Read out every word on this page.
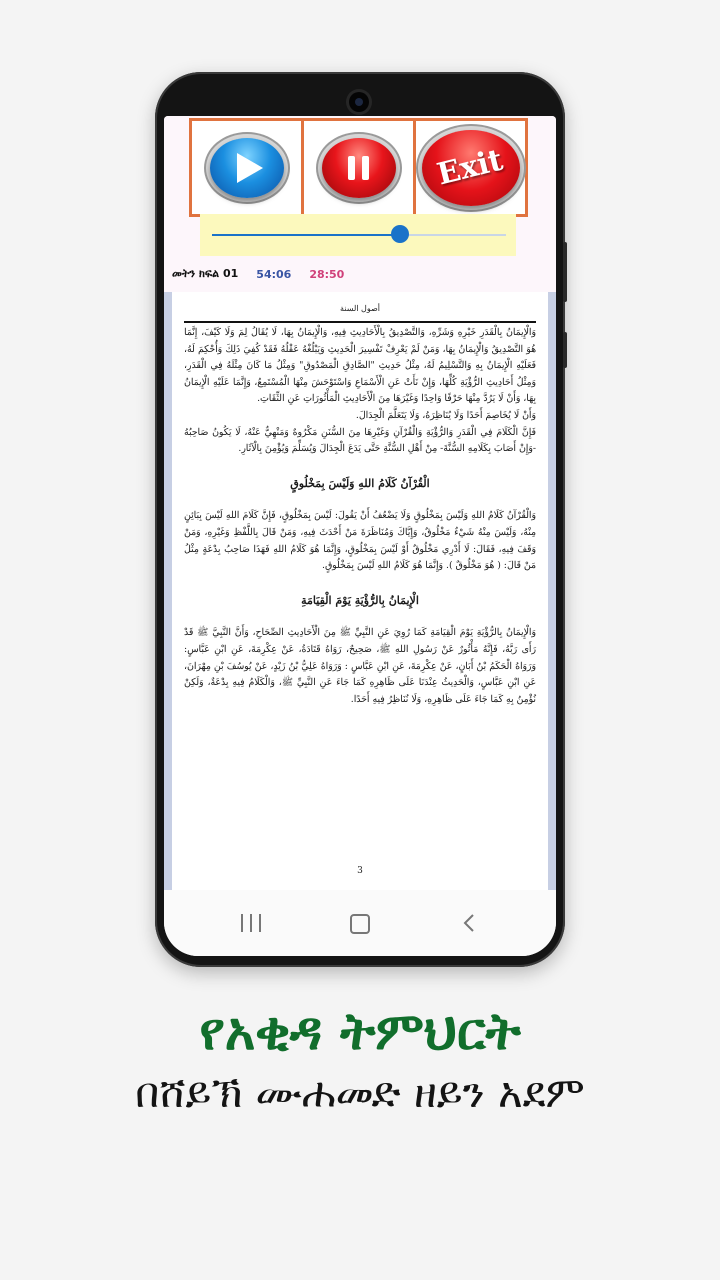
Exit
መትን ክፍል 01 54:06 28:50
أصول السنة

وَالْإِيمَانُ بِالْقَدَرِ خَيْرِهِ وَشَرِّهِ، وَالتَّصْدِيقُ بِالْأَحَادِيثِ فِيهِ، وَالْإِيمَانُ بِهَا، لَا يُقَالُ لِمَ وَلَا كَيْفَ، إِنَّمَا هُوَ التَّصْدِيقُ وَالْإِيمَانُ بِهَا، وَمَنْ لَمْ يَعْرِفْ تَفْسِيرَ الْحَدِيثِ وَيَبْلُغْهُ عَقْلُهُ فَقَدْ كُفِيَ ذَلِكَ وَأُحْكِمَ لَهُ، فَعَلَيْهِ الْإِيمَانُ بِهِ وَالتَّسْلِيمُ لَهُ، مِثْلُ حَدِيثِ "الصَّادِقِ الْمَصْدُوقِ" وَمِثْلُ مَا كَانَ مِثْلَهُ فِي الْقَدَرِ، وَمِثْلُ أَحَادِيثِ الرُّؤْيَةِ كُلِّهَا، وَإِنْ نَأَتْ عَنِ الْأَسْمَاعِ وَاسْتَوْحَشَ مِنْهَا الْمُسْتَمِعُ، وَإِنَّمَا عَلَيْهِ الْإِيمَانُ بِهَا، وَأَنْ لَا يَرُدَّ مِنْهَا حَرْفًا وَاحِدًا وَغَيْرَهَا مِنَ الْأَحَادِيثِ الْمَأْثُورَاتِ عَنِ الثِّقَاتِ.

وَأَنْ لَا يُخَاصِمَ أَحَدًا وَلَا يُنَاظِرَهُ، وَلَا يَتَعَلَّمَ الْجِدَالَ.

فَإِنَّ الْكَلَامَ فِي الْقَدَرِ وَالرُّؤْيَةِ وَالْقُرْآنِ وَغَيْرِهَا مِنَ السُّنَنِ مَكْرُوهٌ وَمَنْهِيٌّ عَنْهُ، لَا يَكُونُ صَاحِبُهُ -وَإِنْ أَصَابَ بِكَلَامِهِ السُّنَّةَ- مِنْ أَهْلِ السُّنَّةِ حَتَّى يَدَعَ الْجِدَالَ وَيُسَلِّمَ وَيُؤْمِنَ بِالْآثَارِ.

الْقُرْآنُ كَلَامُ اللهِ وَلَيْسَ بِمَخْلُوقٍ

وَالْقُرْآنُ كَلَامُ اللهِ وَلَيْسَ بِمَخْلُوقٍ وَلَا يَضْعُفُ أَنْ يَقُولَ: لَيْسَ بِمَخْلُوقٍ، فَإِنَّ كَلَامَ اللهِ لَيْسَ بِبَائِنٍ مِنْهُ، وَلَيْسَ مِنْهُ شَيْءٌ مَخْلُوقٌ، وَإِيَّاكَ وَمُنَاظَرَةَ مَنْ أَحْدَثَ فِيهِ، وَمَنْ قَالَ بِاللَّفْظِ وَغَيْرِهِ، وَمَنْ وَقَفَ فِيهِ، فَقَالَ: لَا أَدْرِي مَخْلُوقٌ أَوْ لَيْسَ بِمَخْلُوقٍ، وَإِنَّمَا هُوَ كَلَامُ اللهِ فَهَذَا صَاحِبُ بِدْعَةٍ مِثْلُ مَنْ قَالَ: ( هُوَ مَخْلُوقٌ ). وَإِنَّمَا هُوَ كَلَامُ اللهِ لَيْسَ بِمَخْلُوقٍ.

الْإِيمَانُ بِالرُّؤْيَةِ يَوْمَ الْقِيَامَةِ

وَالْإِيمَانُ بِالرُّؤْيَةِ يَوْمَ الْقِيَامَةِ كَمَا رُوِيَ عَنِ النَّبِيِّ ﷺ مِنَ الْأَحَادِيثِ الصِّحَاحِ، وَأَنَّ النَّبِيَّ ﷺ قَدْ رَأَى رَبَّهُ، فَإِنَّهُ مَأْثُورٌ عَنْ رَسُولِ اللهِ ﷺ، صَحِيحٌ، رَوَاهُ قَتَادَةُ، عَنْ عِكْرِمَةَ، عَنِ ابْنِ عَبَّاسٍ: وَرَوَاهُ الْحَكَمُ بْنُ أَبَانٍ، عَنْ عِكْرِمَةَ، عَنِ ابْنِ عَبَّاسٍ : وَرَوَاهُ عَلِيُّ بْنُ زَيْدٍ، عَنْ يُوسُفَ بْنِ مِهْرَانَ، عَنِ ابْنِ عَبَّاسٍ، وَالْحَدِيثُ عِنْدَنَا عَلَى ظَاهِرِهِ كَمَا جَاءَ عَنِ النَّبِيِّ ﷺ، وَالْكَلَامُ فِيهِ بِدْعَةٌ، وَلَكِنْ نُؤْمِنُ بِهِ كَمَا جَاءَ عَلَى ظَاهِرِهِ، وَلَا نُنَاظِرُ فِيهِ أَحَدًا.

3
የአቂዳ ትምህርት
በሸይኽ ሙሐመድ ዘይን አደም
